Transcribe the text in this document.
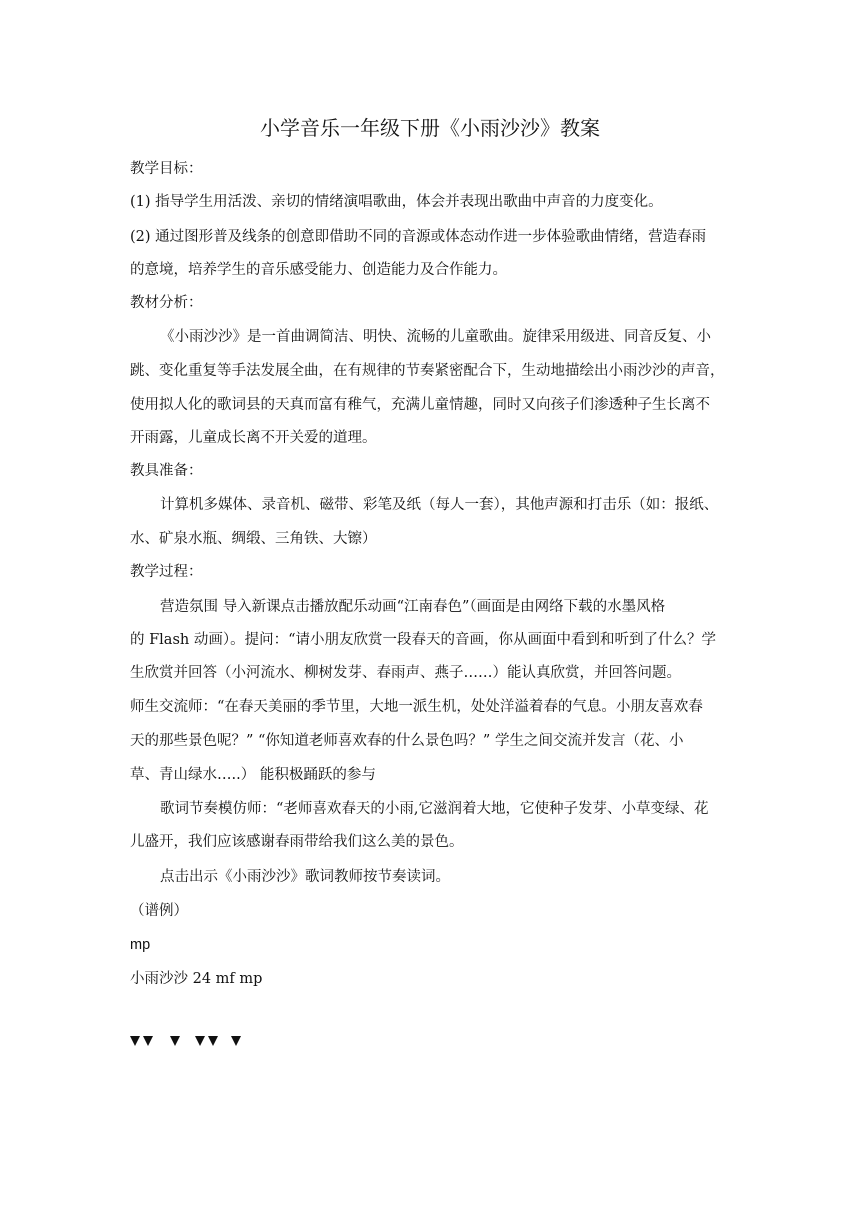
小学音乐一年级下册《小雨沙沙》教案
教学目标：
(1) 指导学生用活泼、亲切的情绪演唱歌曲，体会并表现出歌曲中声音的力度变化。
(2) 通过图形普及线条的创意即借助不同的音源或体态动作进一步体验歌曲情绪，营造春雨
的意境，培养学生的音乐感受能力、创造能力及合作能力。
教材分析：
《小雨沙沙》是一首曲调简洁、明快、流畅的儿童歌曲。旋律采用级进、同音反复、小
跳、变化重复等手法发展全曲，在有规律的节奏紧密配合下，生动地描绘出小雨沙沙的声音，
使用拟人化的歌词县的天真而富有稚气，充满儿童情趣，同时又向孩子们渗透种子生长离不
开雨露，儿童成长离不开关爱的道理。
教具准备：
计算机多媒体、录音机、磁带、彩笔及纸（每人一套），其他声源和打击乐（如：报纸、
水、矿泉水瓶、绸缎、三角铁、大镲）
教学过程：
营造氛围 导入新课点击播放配乐动画“江南春色”（画面是由网络下载的水墨风格
的 Flash 动画）。提问：“请小朋友欣赏一段春天的音画，你从画面中看到和听到了什么？学
生欣赏并回答（小河流水、柳树发芽、春雨声、燕子……）能认真欣赏，并回答问题。
师生交流师：“在春天美丽的季节里，大地一派生机，处处洋溢着春的气息。小朋友喜欢春
天的那些景色呢？” “你知道老师喜欢春的什么景色吗？” 学生之间交流并发言（花、小
草、青山绿水…..） 能积极踊跃的参与
歌词节奏模仿师：“老师喜欢春天的小雨,它滋润着大地，它使种子发芽、小草变绿、花
儿盛开，我们应该感谢春雨带给我们这么美的景色。
点击出示《小雨沙沙》歌词教师按节奏读词。
（谱例）
mp
小雨沙沙 24 mf mp
